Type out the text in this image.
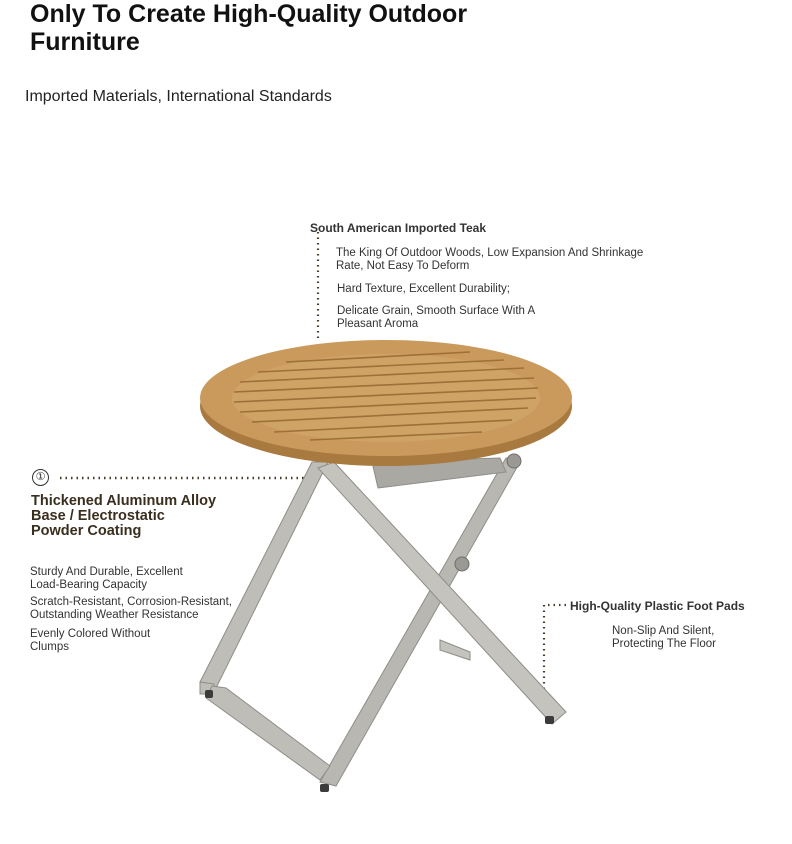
Only To Create High-Quality Outdoor Furniture
Imported Materials, International Standards
South American Imported Teak
The King Of Outdoor Woods, Low Expansion And Shrinkage Rate, Not Easy To Deform
Hard Texture, Excellent Durability;
Delicate Grain, Smooth Surface With A Pleasant Aroma
①
Thickened Aluminum Alloy Base / Electrostatic Powder Coating
Sturdy And Durable, Excellent Load-Bearing Capacity
Scratch-Resistant, Corrosion-Resistant, Outstanding Weather Resistance
Evenly Colored Without Clumps
High-Quality Plastic Foot Pads
Non-Slip And Silent, Protecting The Floor
